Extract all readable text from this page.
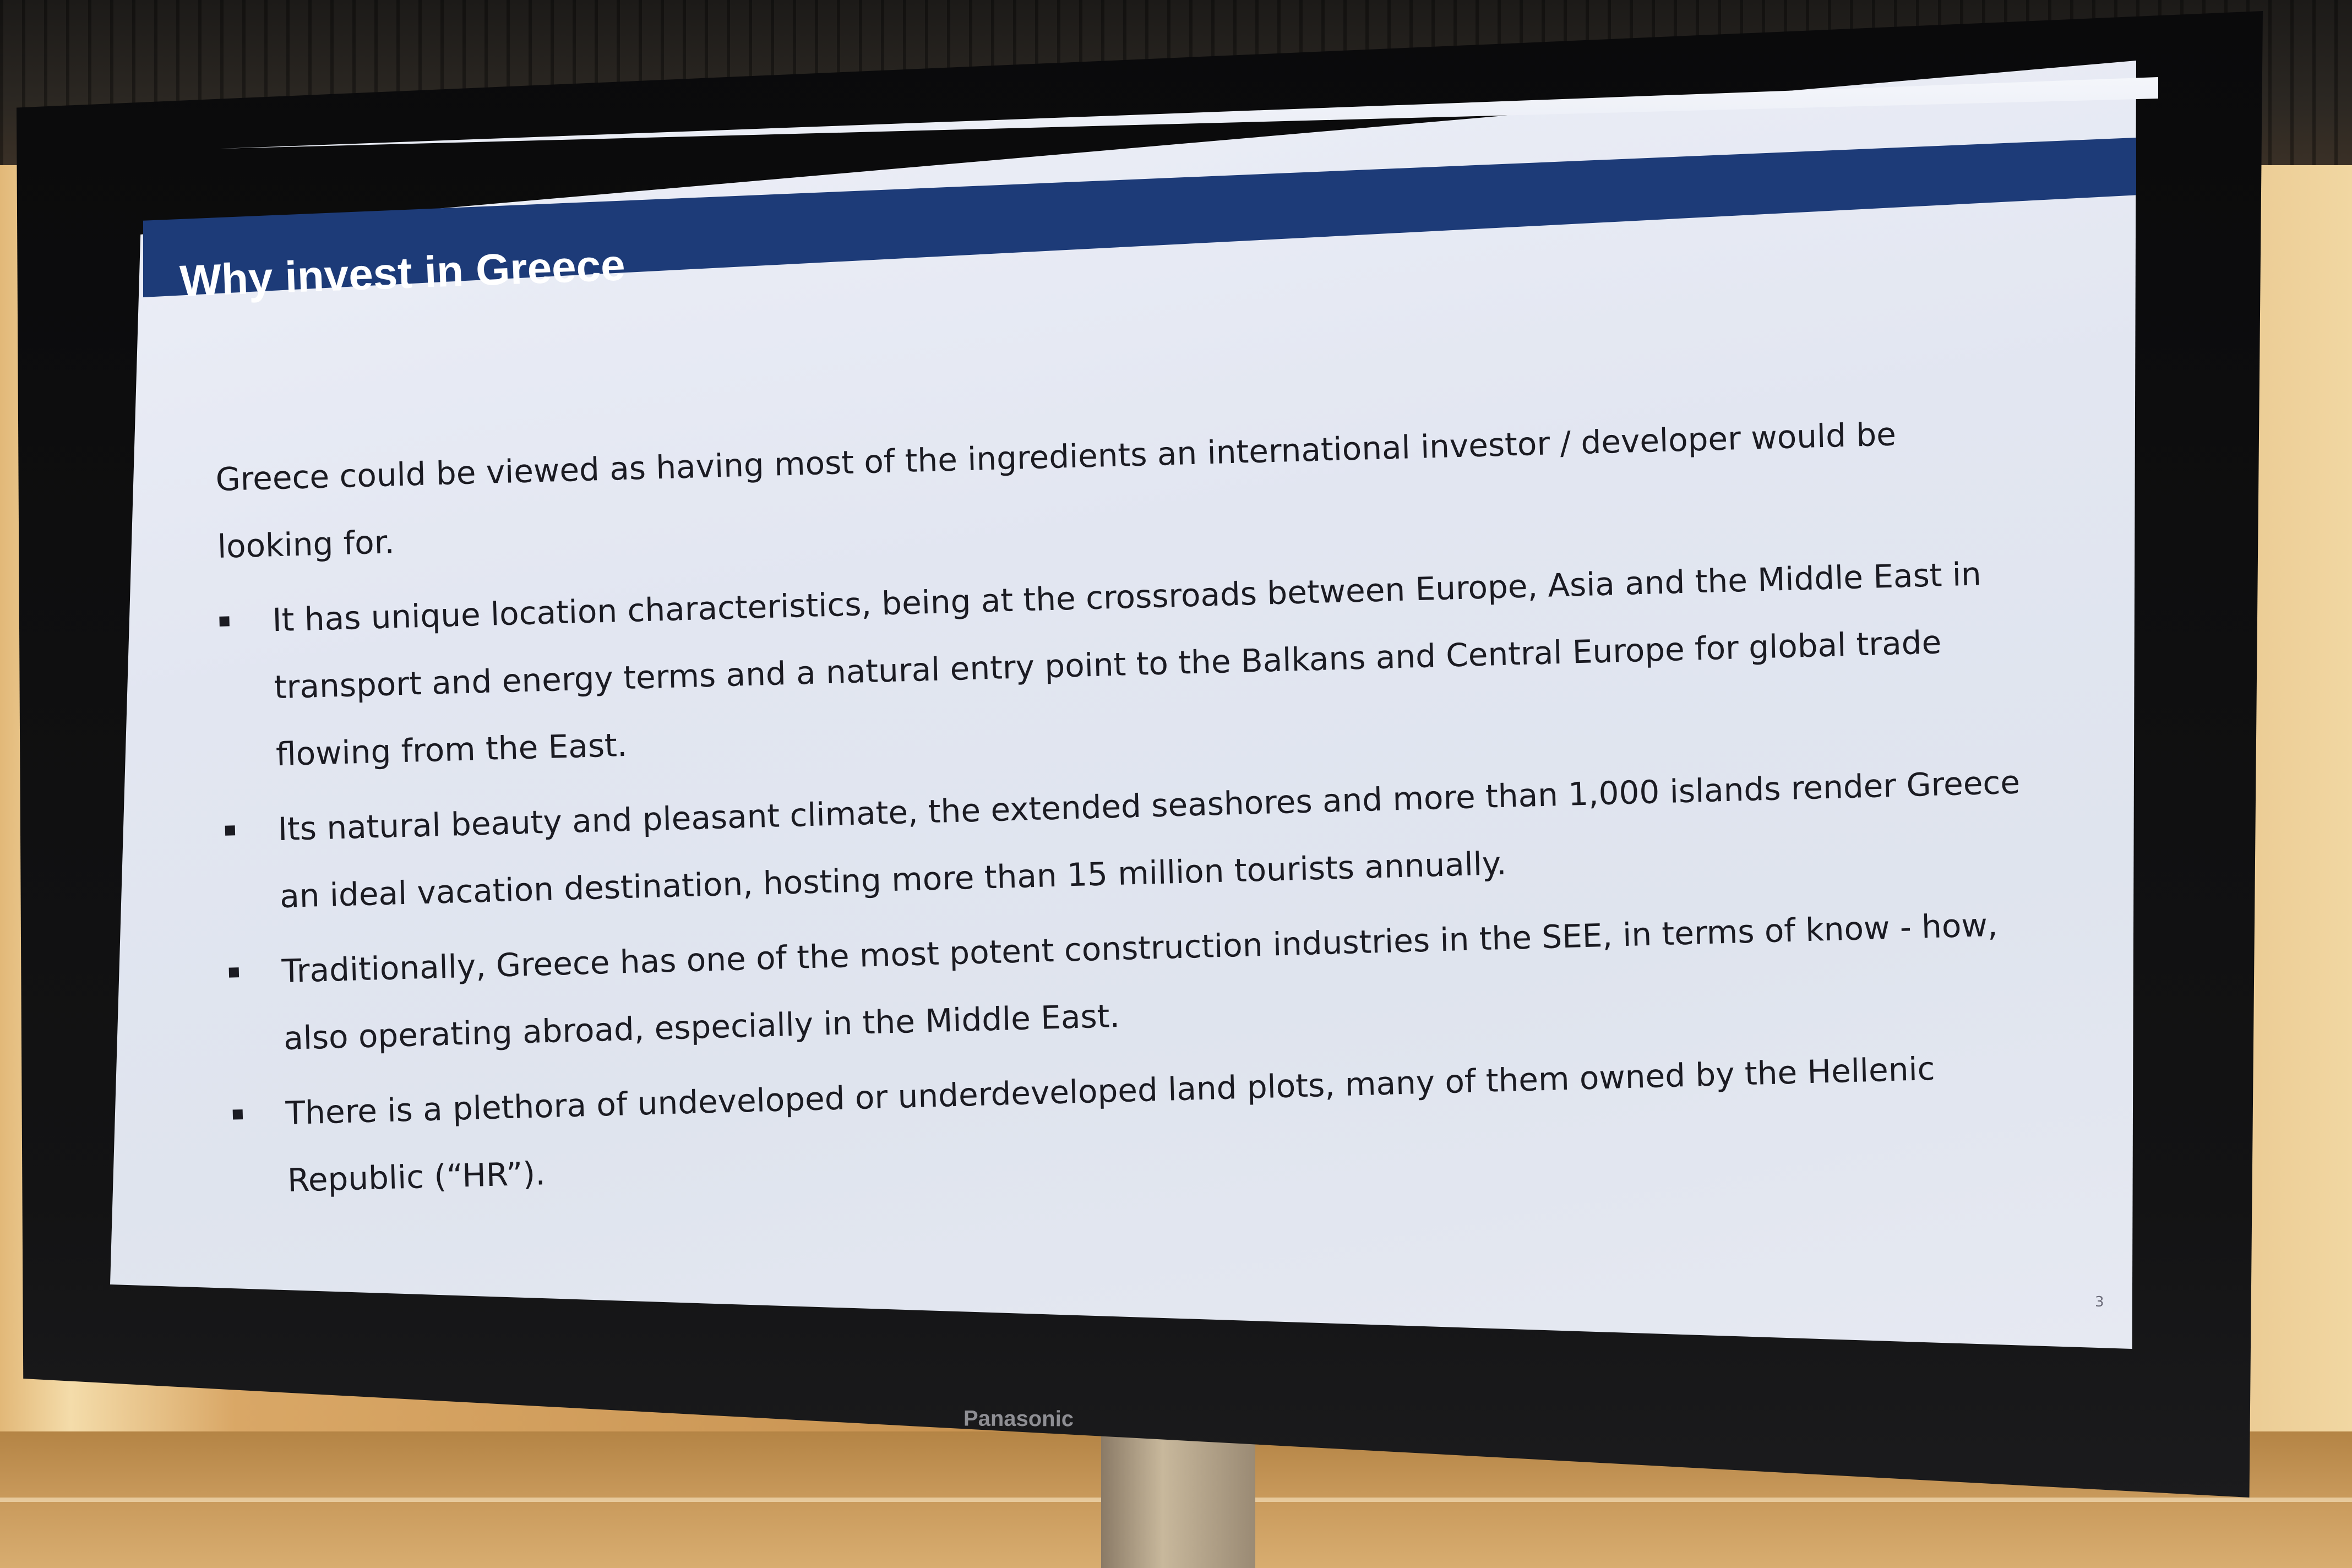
Panasonic
Why invest in Greece

Greece could be viewed as having most of the ingredients an international investor / developer would be looking for.

It has unique location characteristics, being at the crossroads between Europe, Asia and the Middle East in transport and energy terms and a natural entry point to the Balkans and Central Europe for global trade flowing from the East.
Its natural beauty and pleasant climate, the extended seashores and more than 1,000 islands render Greece an ideal vacation destination, hosting more than 15 million tourists annually.
Traditionally, Greece has one of the most potent construction industries in the SEE, in terms of know - how, also operating abroad, especially in the Middle East.
There is a plethora of undeveloped or underdeveloped land plots, many of them owned by the Hellenic Republic (“HR”).
3
